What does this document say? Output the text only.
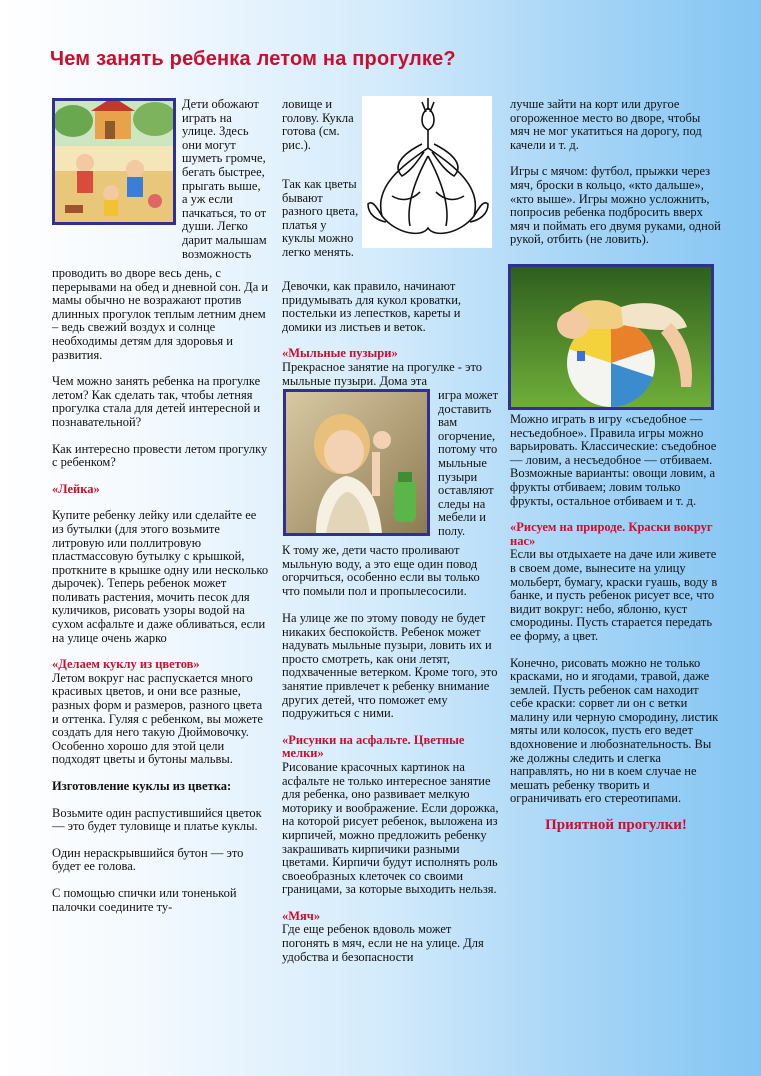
Чем занять ребенка летом на прогулке?
Дети обожают играть на улице. Здесь они могут шуметь громче, бегать быстрее, прыгать выше, а уж если пачкаться, то от души. Легко дарит малышам возможность

проводить во дворе весь день, с перерывами на обед и дневной сон. Да и мамы обычно не возражают против длинных прогулок теплым летним днем – ведь свежий воздух и солнце необходимы детям для здоровья и развития.

Чем можно занять ребенка на прогулке летом? Как сделать так, чтобы летняя прогулка стала для детей интересной и познавательной?

Как интересно провести летом прогулку с ребенком?

«Лейка»

Купите ребенку лейку или сделайте ее из бутылки (для этого возьмите литровую или поллитровую пластмассовую бутылку с крышкой, проткните в крышке одну или несколько дырочек). Теперь ребенок может поливать растения, мочить песок для куличиков, рисовать узоры водой на сухом асфальте и даже обливаться, если на улице очень жарко

«Делаем куклу из цветов»

Летом вокруг нас распускается много красивых цветов, и они все разные, разных форм и размеров, разного цвета и оттенка. Гуляя с ребенком, вы можете создать для него такую Дюймовочку. Особенно хорошо для этой цели подходят цветы и бутоны мальвы.

Изготовление куклы из цветка:

Возьмите один распустившийся цветок — это будет туловище и платье куклы.

Один нераскрывшийся бутон — это будет ее голова.

С помощью спички или тоненькой палочки соедините ту-

ловище и голову. Кукла готова (см. рис.).
Так как цветы бывают разного цвета, платья у куклы можно легко менять.
Девочки, как правило, начинают придумывать для кукол кроватки, постельки из лепестков, кареты и домики из листьев и веток.
«Мыльные пузыри»
Прекрасное занятие на прогулке - это мыльные пузыри. Дома эта
игра может доставить вам огорчение, потому что мыльные пузыри оставляют следы на мебели и полу.
К тому же, дети часто проливают мыльную воду, а это еще один повод огорчиться, особенно если вы только что помыли пол и пропылесосили.

На улице же по этому поводу не будет никаких беспокойств. Ребенок может надувать мыльные пузыри, ловить их и просто смотреть, как они летят, подхваченные ветерком. Кроме того, это занятие привлечет к ребенку внимание других детей, что поможет ему подружиться с ними.

«Рисунки на асфальте. Цветные мелки»

Рисование красочных картинок на асфальте не только интересное занятие для ребенка, оно развивает мелкую моторику и воображение. Если дорожка, на которой рисует ребенок, выложена из кирпичей, можно предложить ребенку закрашивать кирпичики разными цветами. Кирпичи будут исполнять роль своеобразных клеточек со своими границами, за которые выходить нельзя.

«Мяч»

Где еще ребенок вдоволь может погонять в мяч, если не на улице. Для удобства и безопасности

лучше зайти на корт или другое огороженное место во дворе, чтобы мяч не мог укатиться на дорогу, под качели и т. д.

Игры с мячом: футбол, прыжки через мяч, броски в кольцо, «кто дальше», «кто выше». Игры можно усложнить, попросив ребенка подбросить вверх мяч и поймать его двумя руками, одной рукой, отбить (не ловить).

Можно играть в игру «съедобное — несъедобное». Правила игры можно варьировать. Классические: съедобное — ловим, а несъедобное — отбиваем. Возможные варианты: овощи ловим, а фрукты отбиваем; ловим только фрукты, остальное отбиваем и т. д.

«Рисуем на природе. Краски вокруг нас»

Если вы отдыхаете на даче или живете в своем доме, вынесите на улицу мольберт, бумагу, краски гуашь, воду в банке, и пусть ребенок рисует все, что видит вокруг: небо, яблоню, куст смородины. Пусть старается передать ее форму, а цвет.

Конечно, рисовать можно не только красками, но и ягодами, травой, даже землей. Пусть ребенок сам находит себе краски: сорвет ли он с ветки малину или черную смородину, листик мяты или колосок, пусть его ведет вдохновение и любознательность. Вы же должны следить и слегка направлять, но ни в коем случае не мешать ребенку творить и ограничивать его стереотипами.

Приятной прогулки!
